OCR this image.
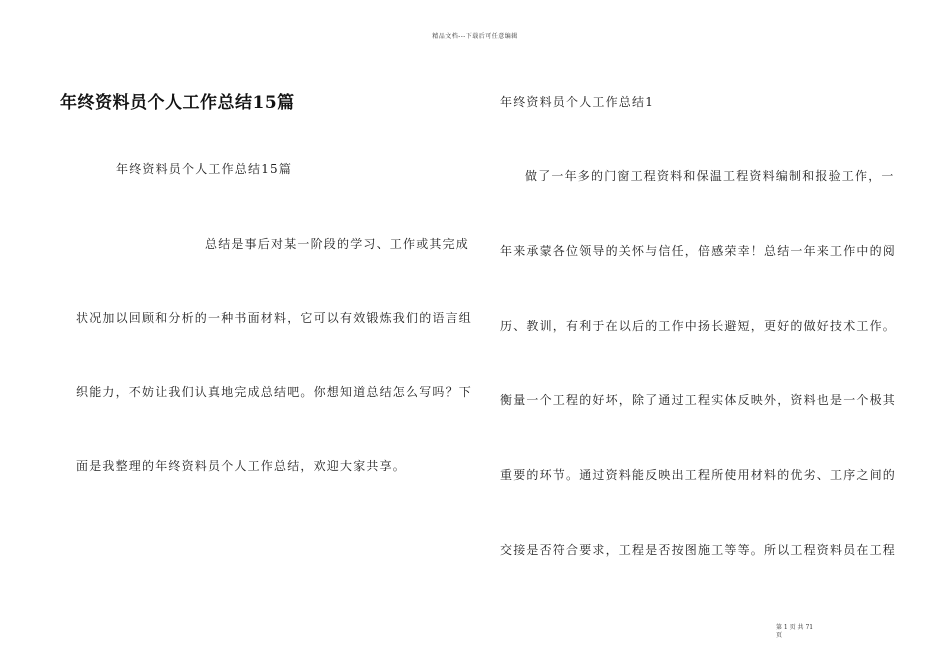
精品文档---下载后可任意编辑
年终资料员个人工作总结15篇
年终资料员个人工作总结15篇
总结是事后对某一阶段的学习、工作或其完成
状况加以回顾和分析的一种书面材料，它可以有效锻炼我们的语言组
织能力，不妨让我们认真地完成总结吧。你想知道总结怎么写吗？下
面是我整理的年终资料员个人工作总结，欢迎大家共享。
年终资料员个人工作总结1
做了一年多的门窗工程资料和保温工程资料编制和报验工作，一
年来承蒙各位领导的关怀与信任，倍感荣幸！总结一年来工作中的阅
历、教训，有利于在以后的工作中扬长避短，更好的做好技术工作。
衡量一个工程的好坏，除了通过工程实体反映外，资料也是一个极其
重要的环节。通过资料能反映出工程所使用材料的优劣、工序之间的
交接是否符合要求，工程是否按图施工等等。所以工程资料员在工程
第 1 页 共 71
页
